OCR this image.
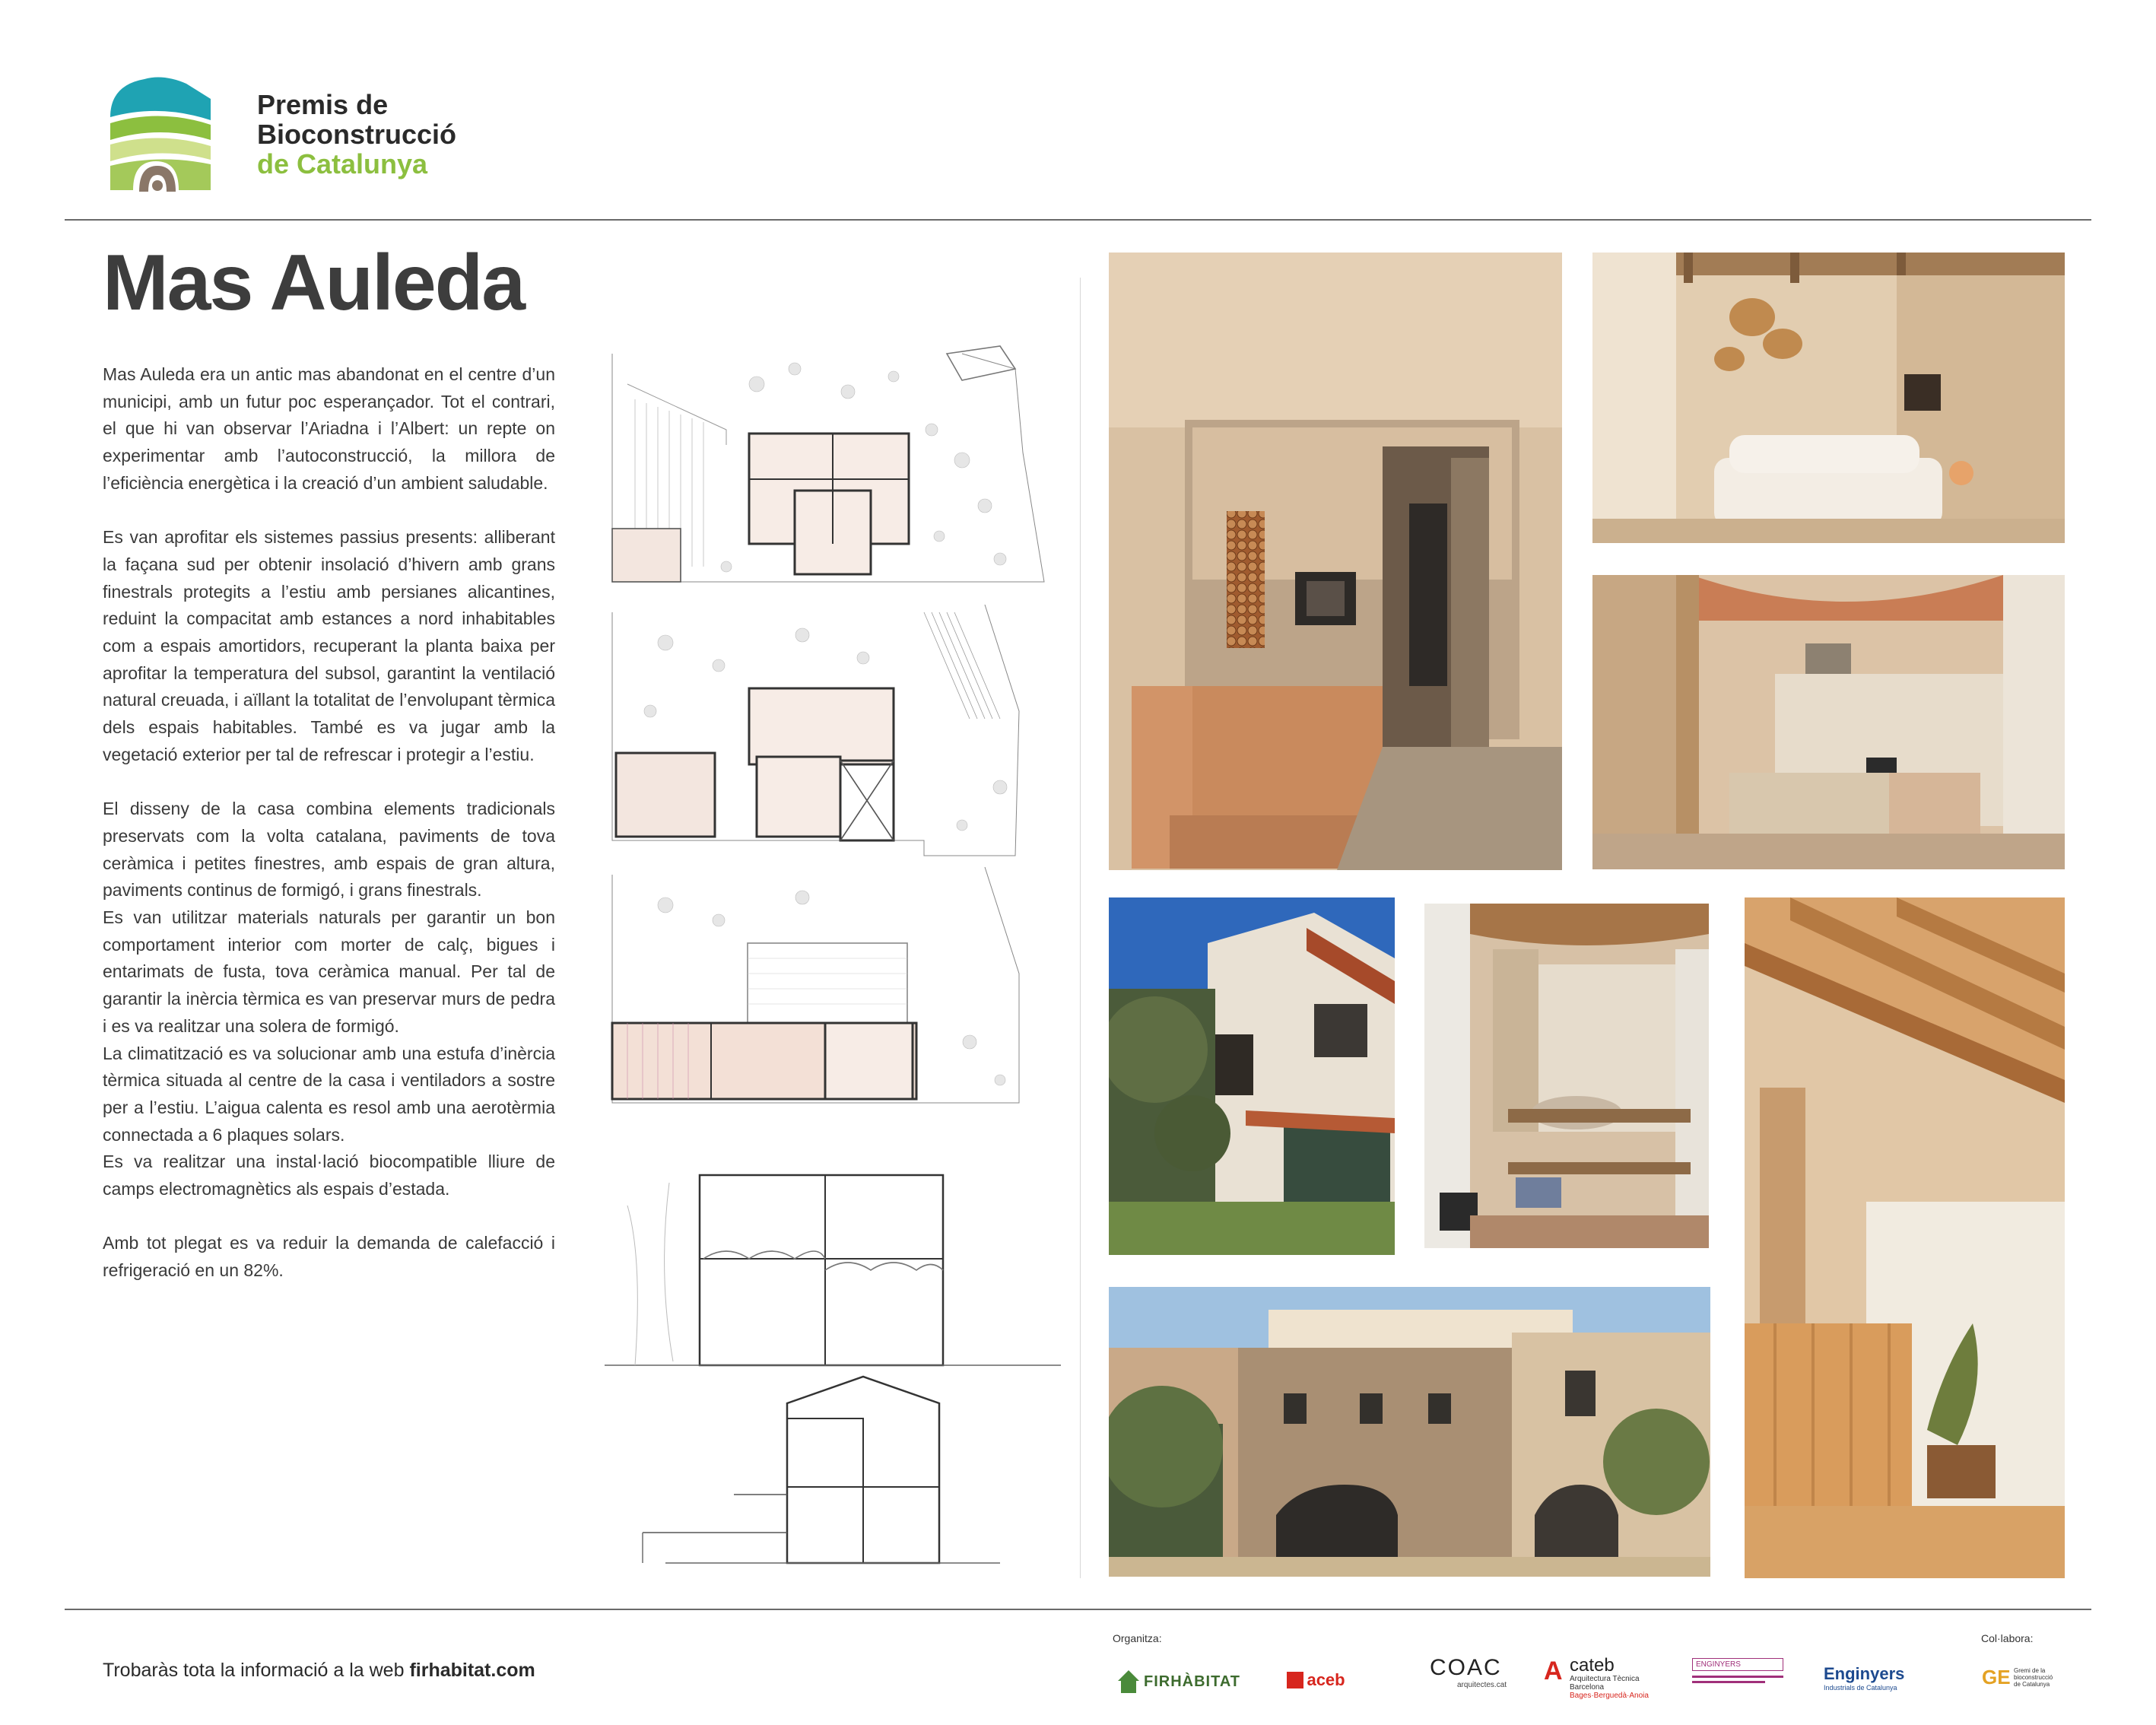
Premis de
Bioconstrucció
de Catalunya
Mas Auleda

Mas Auleda era un antic mas abandonat en el centre d’un municipi, amb un futur poc esperançador. Tot el contrari, el que hi van observar l’Ariadna i l’Albert: un repte on experimentar amb l’autoconstrucció, la millora de l’eficiència energètica i la creació d’un ambient saludable.

Es van aprofitar els sistemes passius presents: alliberant la façana sud per obtenir insolació d’hivern amb grans finestrals protegits a l’estiu amb persianes alicantines, reduint la compacitat amb estances a nord inhabitables com a espais amortidors, recuperant la planta baixa per aprofitar la temperatura del subsol, garantint la ventilació natural creuada, i aïllant la totalitat de l’envolupant tèrmica dels espais habitables. També es va jugar amb la vegetació exterior per tal de refrescar i protegir a l’estiu.

El disseny de la casa combina elements tradicionals preservats com la volta catalana, paviments de tova ceràmica i petites finestres, amb espais de gran altura, paviments continus de formigó, i grans finestrals.

Es van utilitzar materials naturals per garantir un bon comportament interior com morter de calç, bigues i entarimats de fusta, tova ceràmica manual. Per tal de garantir la inèrcia tèrmica es van preservar murs de pedra i es va realitzar una solera de formigó.

La climatització es va solucionar amb una estufa d’inèrcia tèrmica situada al centre de la casa i ventiladors a sostre per a l’estiu. L’aigua calenta es resol amb una aerotèrmia connectada a 6 plaques solars.

Es va realitzar una instal·lació biocompatible lliure de camps electromagnètics als espais d’estada.

Amb tot plegat es va reduir la demanda de calefacció i refrigeració en un 82%.

Trobaràs tota la informació a la web firhabitat.com
Organitza:	Col·labora:
FIRHÀBITAT	aceb	COAC
arquitectes.cat A cateb
Arquitectura Tècnica
Barcelona
Bages·Berguedà·Anoia
ENGINYERS	Enginyers
Industrials de Catalunya	GE Gremi de la bioconstrucció de Catalunya
